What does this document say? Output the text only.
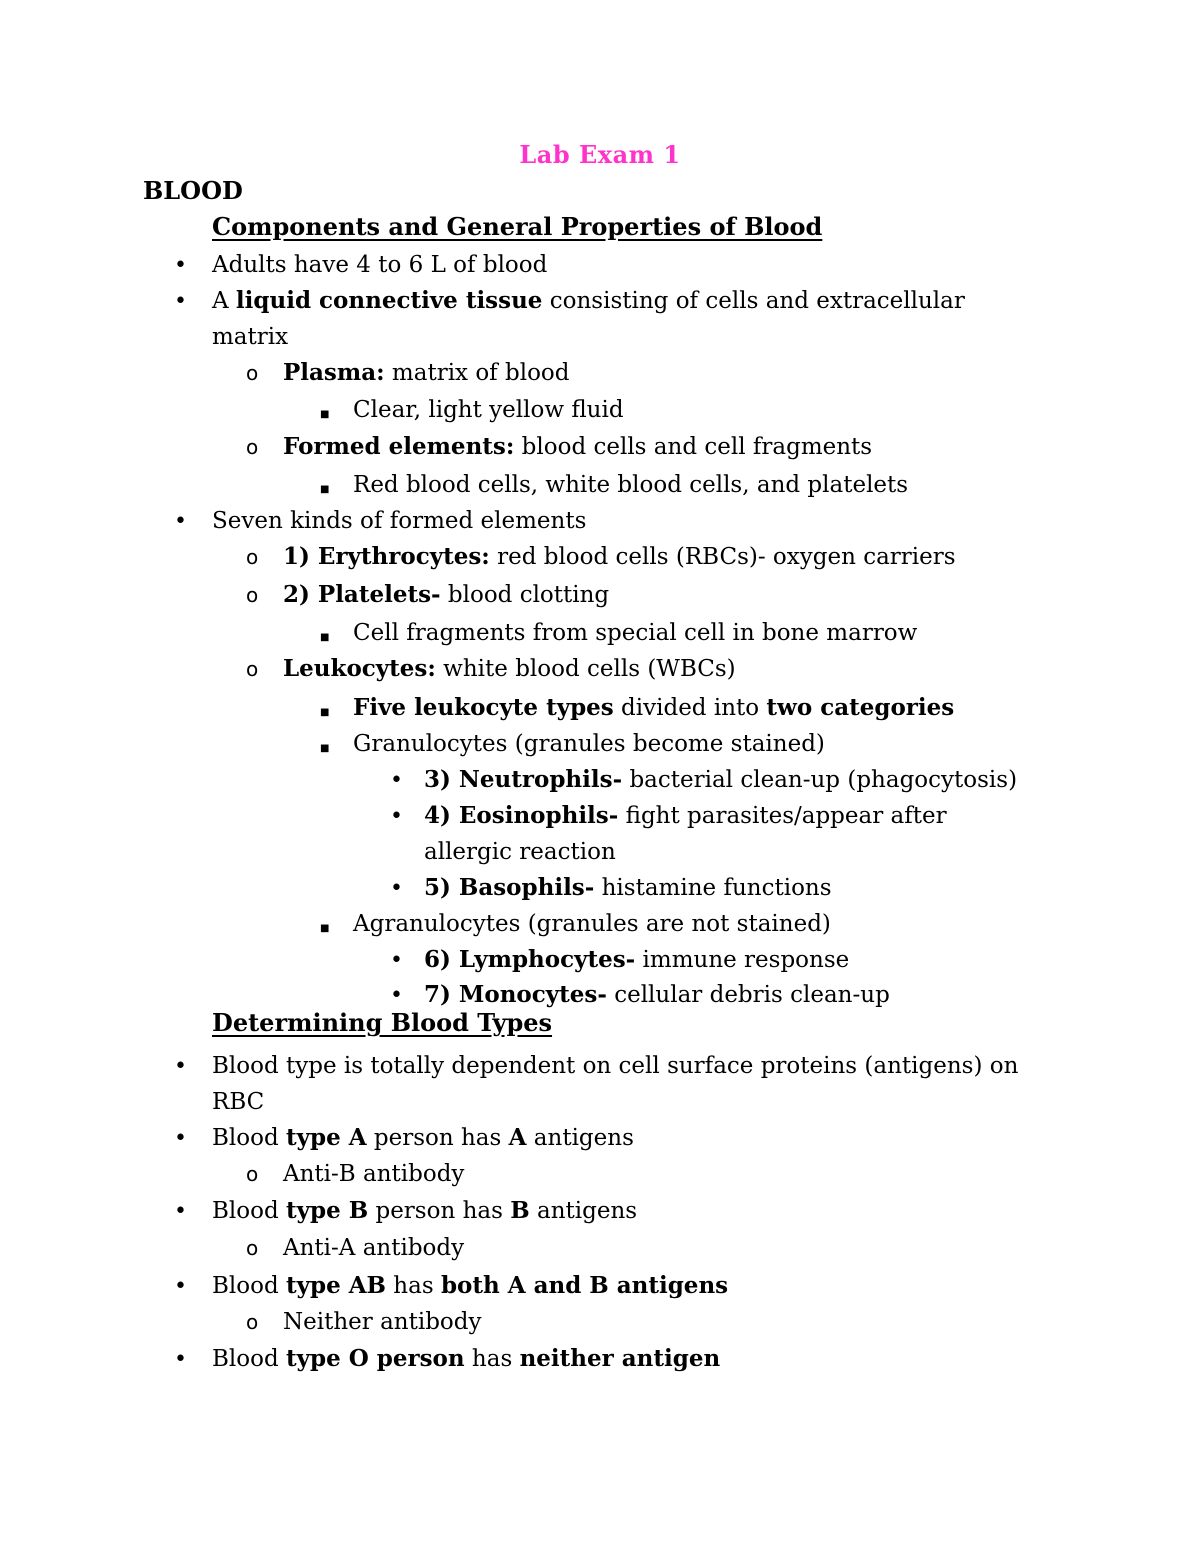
Lab Exam 1
BLOOD
Components and General Properties of Blood
• Adults have 4 to 6 L of blood
• A liquid connective tissue consisting of cells and extracellular
matrix
o Plasma: matrix of blood
■ Clear, light yellow fluid
o Formed elements: blood cells and cell fragments
■ Red blood cells, white blood cells, and platelets
• Seven kinds of formed elements
o 1) Erythrocytes: red blood cells (RBCs)- oxygen carriers
o 2) Platelets- blood clotting
■ Cell fragments from special cell in bone marrow
o Leukocytes: white blood cells (WBCs)
■ Five leukocyte types divided into two categories
■ Granulocytes (granules become stained)
• 3) Neutrophils- bacterial clean-up (phagocytosis)
• 4) Eosinophils- fight parasites/appear after
allergic reaction
• 5) Basophils- histamine functions
■ Agranulocytes (granules are not stained)
• 6) Lymphocytes- immune response
• 7) Monocytes- cellular debris clean-up
Determining Blood Types
• Blood type is totally dependent on cell surface proteins (antigens) on
RBC
• Blood type A person has A antigens
o Anti-B antibody
• Blood type B person has B antigens
o Anti-A antibody
• Blood type AB has both A and B antigens
o Neither antibody
• Blood type O person has neither antigen
